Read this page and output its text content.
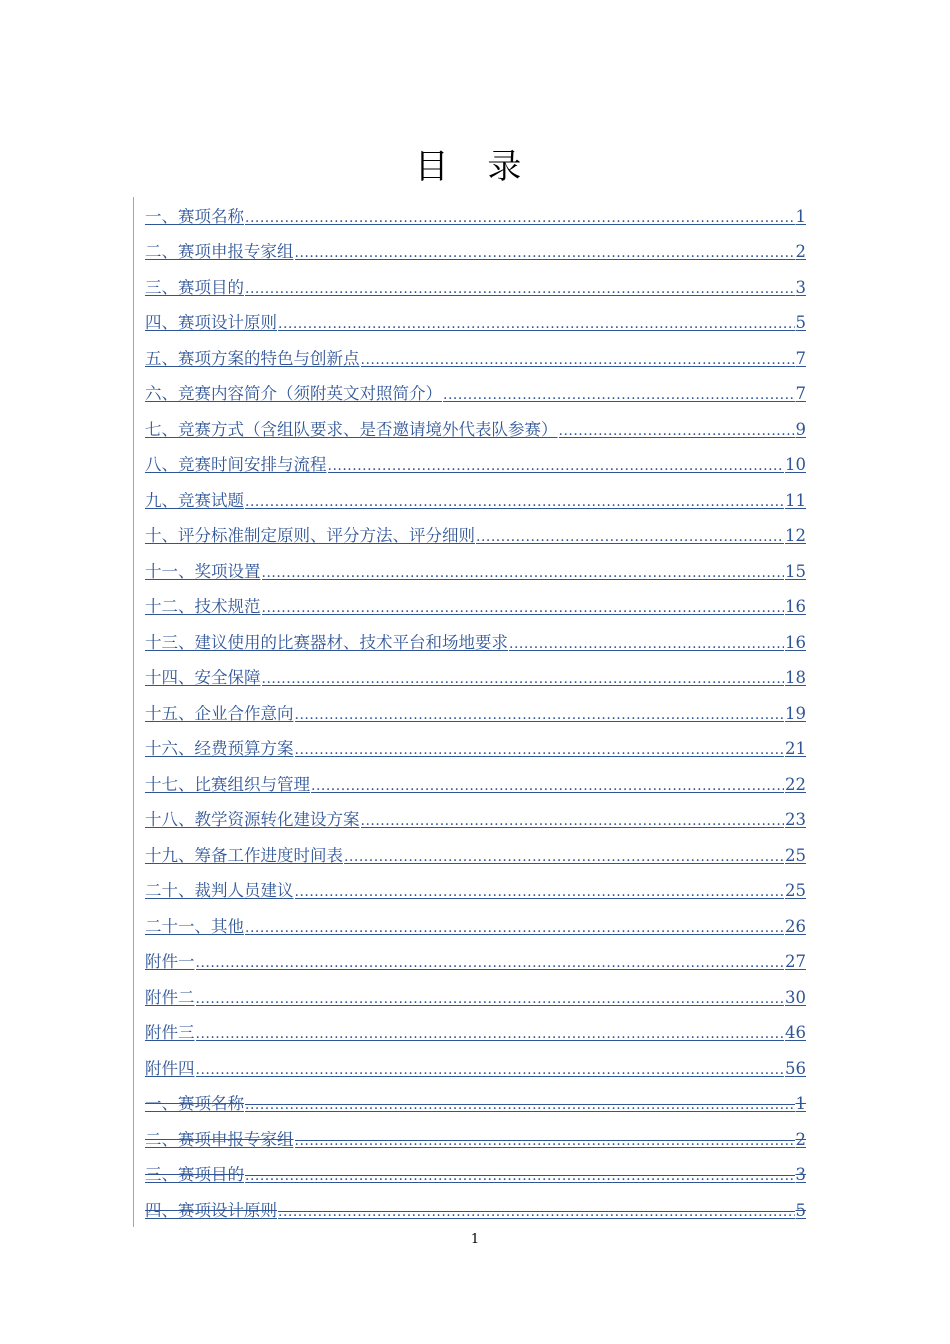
目 录
一、赛项名称 .....	1
二、赛项申报专家组 .....	2
三、赛项目的 .....	3
四、赛项设计原则 .....	5
五、赛项方案的特色与创新点 .....	7
六、竞赛内容简介（须附英文对照简介） .....	7
七、竞赛方式（含组队要求、是否邀请境外代表队参赛） .....	9
八、竞赛时间安排与流程 .....	10
九、竞赛试题 .....	11
十、评分标准制定原则、评分方法、评分细则 .....	12
十一、奖项设置 .....	15
十二、技术规范 .....	16
十三、建议使用的比赛器材、技术平台和场地要求 .....	16
十四、安全保障 .....	18
十五、企业合作意向 .....	19
十六、经费预算方案 .....	21
十七、比赛组织与管理 .....	22
十八、教学资源转化建设方案 .....	23
十九、筹备工作进度时间表 .....	25
二十、裁判人员建议 .....	25
二十一、其他 .....	26
附件一 .....	27
附件二 .....	30
附件三 .....	46
附件四 .....	56
一、赛项名称 .....	1
二、赛项申报专家组 .....	2
三、赛项目的 .....	3
四、赛项设计原则 .....	5
1
